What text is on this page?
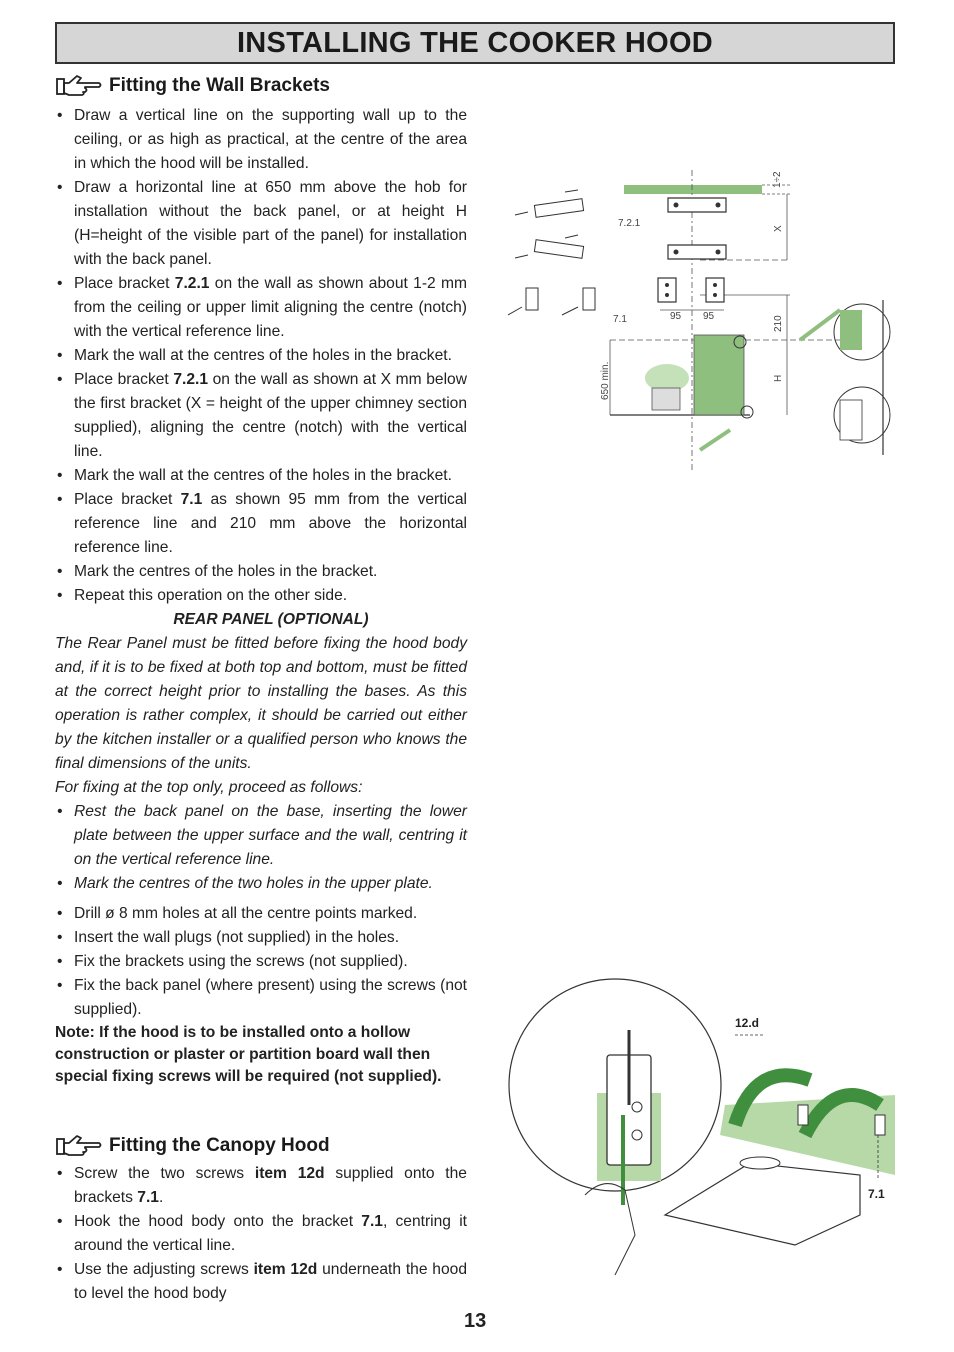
INSTALLING THE COOKER HOOD
Fitting the Wall Brackets
• Draw a vertical line on the supporting wall up to the ceiling, or as high as practical, at the centre of the area in which the hood will be installed.
• Draw a horizontal line at 650 mm above the hob for installation without the back panel, or at height H (H=height of the visible part of the panel) for installation with the back panel.
• Place bracket 7.2.1 on the wall as shown about 1-2 mm from the ceiling or upper limit aligning the centre (notch) with the vertical reference line.
• Mark the wall at the centres of the holes in the bracket.
• Place bracket 7.2.1 on the wall as shown at X mm below the first bracket (X = height of the upper chimney section supplied), aligning the centre (notch) with the vertical line.
• Mark the wall at the centres of the holes in the bracket.
• Place bracket 7.1 as shown 95 mm from the vertical reference line and 210 mm above the horizontal reference line.
• Mark the centres of the holes in the bracket.
• Repeat this operation on the other side.
REAR PANEL (OPTIONAL)
The Rear Panel must be fitted before fixing the hood body and, if it is to be fixed at both top and bottom, must be fitted at the correct height prior to installing the bases. As this operation is rather complex, it should be carried out either by the kitchen installer or a qualified person who knows the final dimensions of the units.
For fixing at the top only, proceed as follows:
• Rest the back panel on the base, inserting the lower plate between the upper surface and the wall, centring it on the vertical reference line.
• Mark the centres of the two holes in the upper plate.
• Drill ø 8 mm holes at all the centre points marked.
• Insert the wall plugs (not supplied) in the holes.
• Fix the brackets using the screws (not supplied).
• Fix the back panel (where present) using the screws (not supplied).
Note: If the hood is to be installed onto a hollow construction or plaster or partition board wall then special fixing screws will be required (not supplied).
Fitting the Canopy Hood
• Screw the two screws item 12d supplied onto the brackets 7.1.
• Hook the hood body onto the bracket 7.1, centring it around the vertical line.
• Use the adjusting screws item 12d underneath the hood to level the hood body
13
1÷2
X
7.2.1
7.1	95 95	210
H
650 min.
12.d
7.1
